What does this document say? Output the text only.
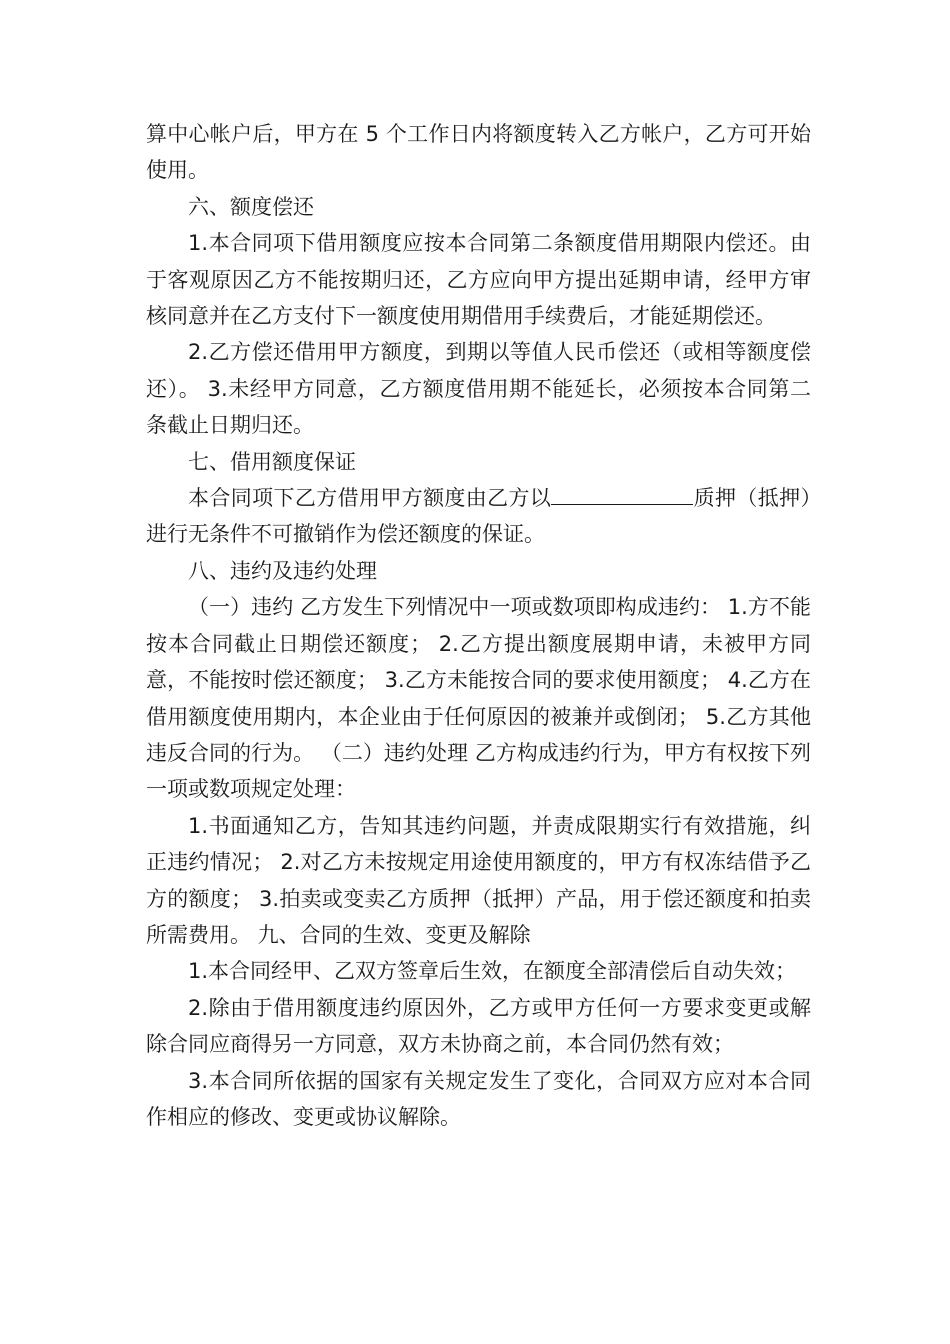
算中心帐户后，甲方在 5 个工作日内将额度转入乙方帐户，乙方可开始使用。

六、额度偿还

1.本合同项下借用额度应按本合同第二条额度借用期限内偿还。由于客观原因乙方不能按期归还，乙方应向甲方提出延期申请，经甲方审核同意并在乙方支付下一额度使用期借用手续费后，才能延期偿还。

2.乙方偿还借用甲方额度，到期以等值人民币偿还（或相等额度偿还）。 3.未经甲方同意，乙方额度借用期不能延长，必须按本合同第二条截止日期归还。

七、借用额度保证

本合同项下乙方借用甲方额度由乙方以	质押（抵押）进行无条件不可撤销作为偿还额度的保证。

八、违约及违约处理

（一）违约 乙方发生下列情况中一项或数项即构成违约： 1.方不能按本合同截止日期偿还额度； 2.乙方提出额度展期申请，未被甲方同意，不能按时偿还额度； 3.乙方未能按合同的要求使用额度； 4.乙方在借用额度使用期内，本企业由于任何原因的被兼并或倒闭； 5.乙方其他违反合同的行为。 （二）违约处理 乙方构成违约行为，甲方有权按下列一项或数项规定处理：

1.书面通知乙方，告知其违约问题，并责成限期实行有效措施，纠正违约情况； 2.对乙方未按规定用途使用额度的，甲方有权冻结借予乙方的额度； 3.拍卖或变卖乙方质押（抵押）产品，用于偿还额度和拍卖所需费用。 九、合同的生效、变更及解除

1.本合同经甲、乙双方签章后生效，在额度全部清偿后自动失效；

2.除由于借用额度违约原因外，乙方或甲方任何一方要求变更或解除合同应商得另一方同意，双方未协商之前，本合同仍然有效；

3.本合同所依据的国家有关规定发生了变化，合同双方应对本合同作相应的修改、变更或协议解除。
